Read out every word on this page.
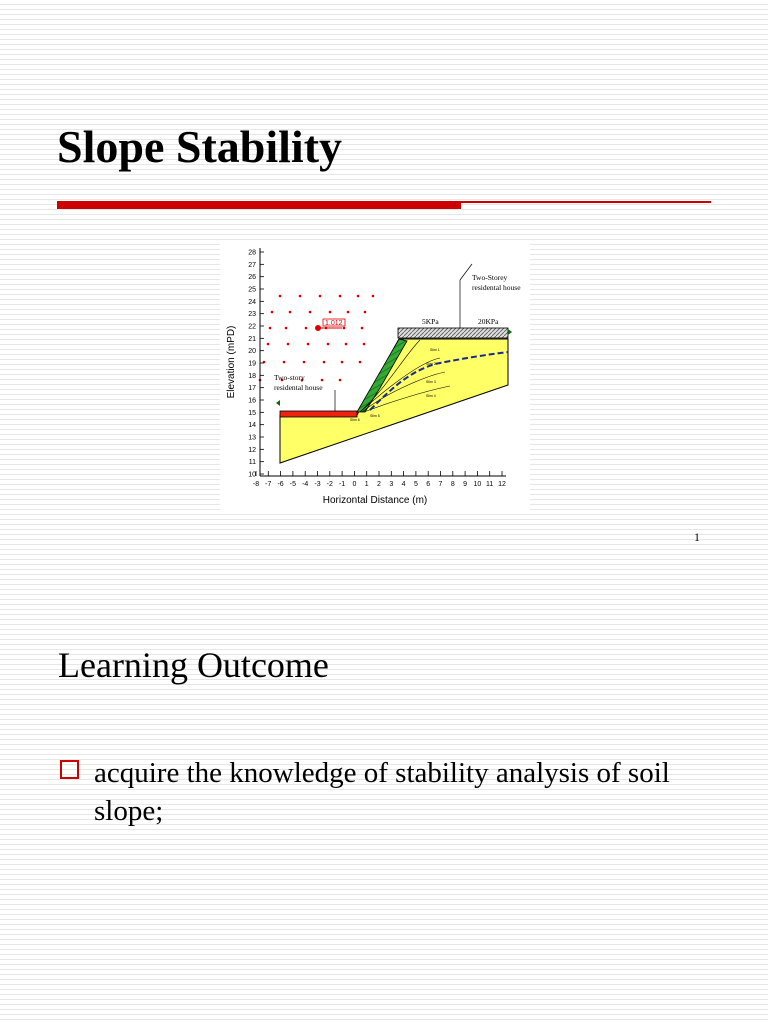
Slope Stability
Slim 1
Slim 2
Slim 3
Slim 4
Slim 5
Slim 6
1.012
Two-Storey
residental house
Two-story
residental house
5KPa	20KPa
28
27
26
25
24
23
22
21
20
19
18
17
16
15
14
13
12
11
10
-8 -7 -6 -5 -4 -3 -2 -1 0 1 2 3 4 5 6 7 8 9 10 11 12
Elevation (mPD)
Horizontal Distance (m)
1
Learning Outcome
acquire the knowledge of stability analysis of soil slope;
